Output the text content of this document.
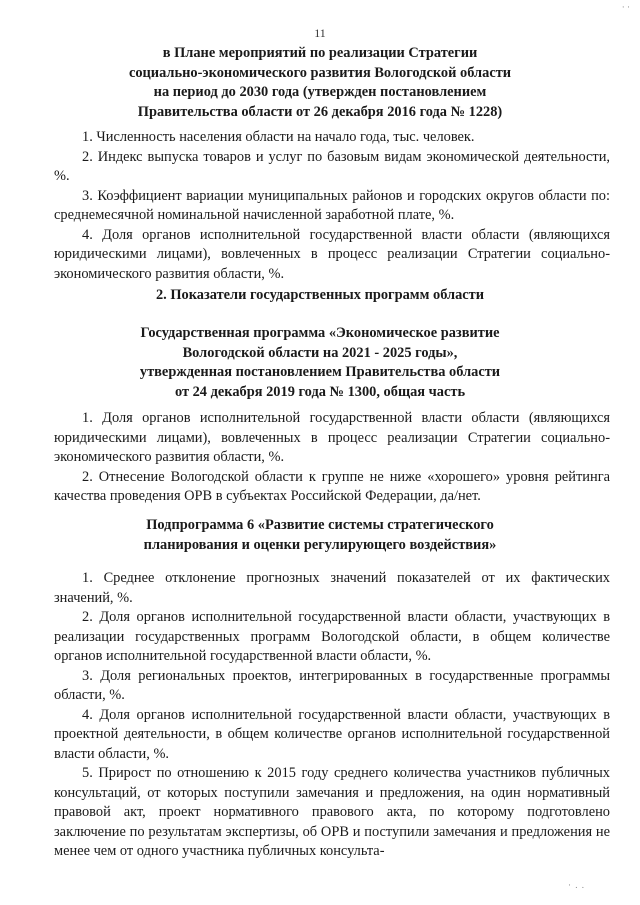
· ·
11
в Плане мероприятий по реализации Стратегии
социально-экономического развития Вологодской области
на период до 2030 года (утвержден постановлением
Правительства области от 26 декабря 2016 года № 1228)

1. Численность населения области на начало года, тыс. человек.

2. Индекс выпуска товаров и услуг по базовым видам экономической деятельности, %.

3. Коэффициент вариации муниципальных районов и городских округов области по: среднемесячной номинальной начисленной заработной плате, %.

4. Доля органов исполнительной государственной власти области (являющихся юридическими лицами), вовлеченных в процесс реализации Стратегии социально-экономического развития области, %.

2. Показатели государственных программ области
Государственная программа «Экономическое развитие
Вологодской области на 2021 - 2025 годы»,
утвержденная постановлением Правительства области
от 24 декабря 2019 года № 1300, общая часть

1. Доля органов исполнительной государственной власти области (являющихся юридическими лицами), вовлеченных в процесс реализации Стратегии социально-экономического развития области, %.

2. Отнесение Вологодской области к группе не ниже «хорошего» уровня рейтинга качества проведения ОРВ в субъектах Российской Федерации, да/нет.

Подпрограмма 6 «Развитие системы стратегического
планирования и оценки регулирующего воздействия»

1. Среднее отклонение прогнозных значений показателей от их фактических значений, %.

2. Доля органов исполнительной государственной власти области, участвующих в реализации государственных программ Вологодской области, в общем количестве органов исполнительной государственной власти области, %.

3. Доля региональных проектов, интегрированных в государственные программы области, %.

4. Доля органов исполнительной государственной власти области, участвующих в проектной деятельности, в общем количестве органов исполнительной государственной власти области, %.

5. Прирост по отношению к 2015 году среднего количества участников публичных консультаций, от которых поступили замечания и предложения, на один нормативный правовой акт, проект нормативного правового акта, по которому подготовлено заключение по результатам экспертизы, об ОРВ и поступили замечания и предложения не менее чем от одного участника публичных консульта-

· . .
